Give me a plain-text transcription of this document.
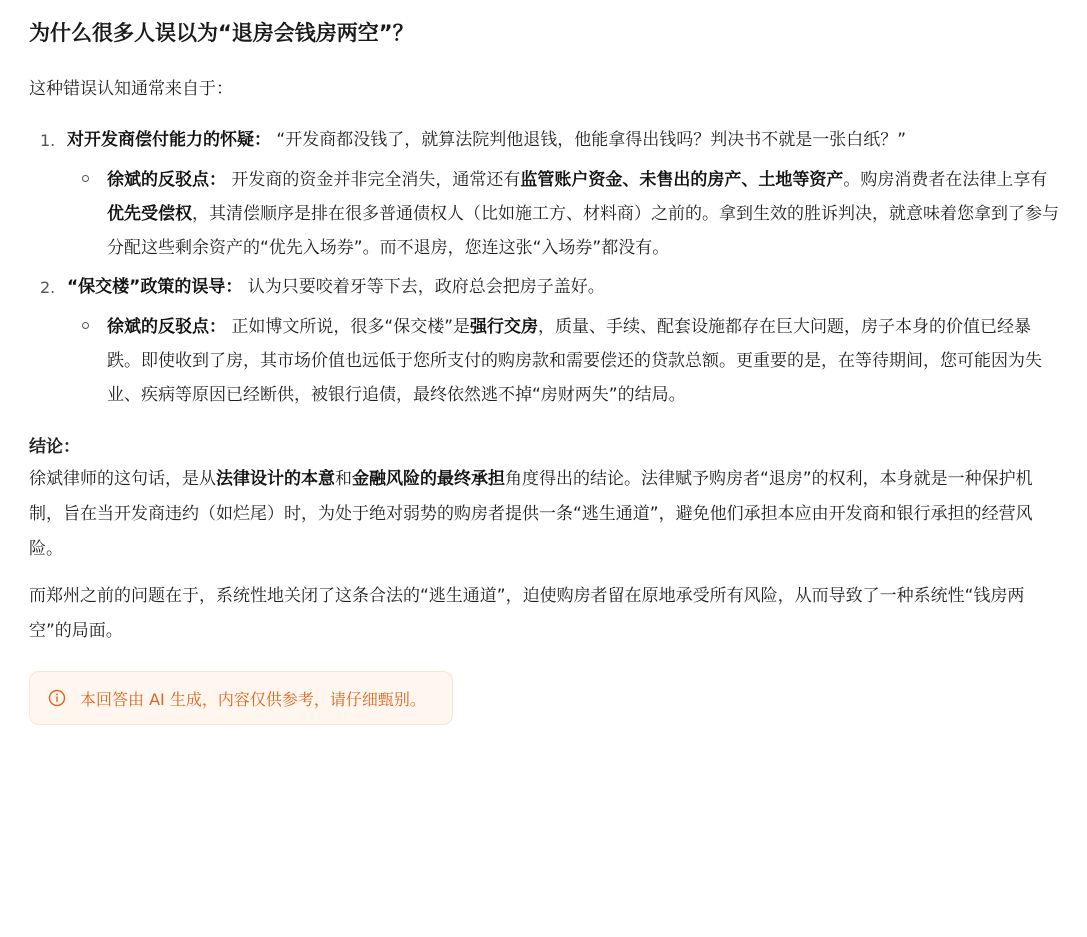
为什么很多人误以为“退房会钱房两空”？

这种错误认知通常来自于：

1. 对开发商偿付能力的怀疑： “开发商都没钱了，就算法院判他退钱，他能拿得出钱吗？判决书不就是一张白纸？”
徐斌的反驳点： 开发商的资金并非完全消失，通常还有监管账户资金、未售出的房产、土地等资产。购房消费者在法律上享有优先受偿权，其清偿顺序是排在很多普通债权人（比如施工方、材料商）之前的。拿到生效的胜诉判决，就意味着您拿到了参与分配这些剩余资产的“优先入场券”。而不退房，您连这张“入场券”都没有。
2. “保交楼”政策的误导： 认为只要咬着牙等下去，政府总会把房子盖好。
徐斌的反驳点： 正如博文所说，很多“保交楼”是强行交房，质量、手续、配套设施都存在巨大问题，房子本身的价值已经暴跌。即使收到了房，其市场价值也远低于您所支付的购房款和需要偿还的贷款总额。更重要的是，在等待期间，您可能因为失业、疾病等原因已经断供，被银行追债，最终依然逃不掉“房财两失”的结局。

结论：

徐斌律师的这句话，是从法律设计的本意和金融风险的最终承担角度得出的结论。法律赋予购房者“退房”的权利，本身就是一种保护机制，旨在当开发商违约（如烂尾）时，为处于绝对弱势的购房者提供一条“逃生通道”，避免他们承担本应由开发商和银行承担的经营风险。

而郑州之前的问题在于，系统性地关闭了这条合法的“逃生通道”，迫使购房者留在原地承受所有风险，从而导致了一种系统性“钱房两空”的局面。

本回答由 AI 生成，内容仅供参考，请仔细甄别。
